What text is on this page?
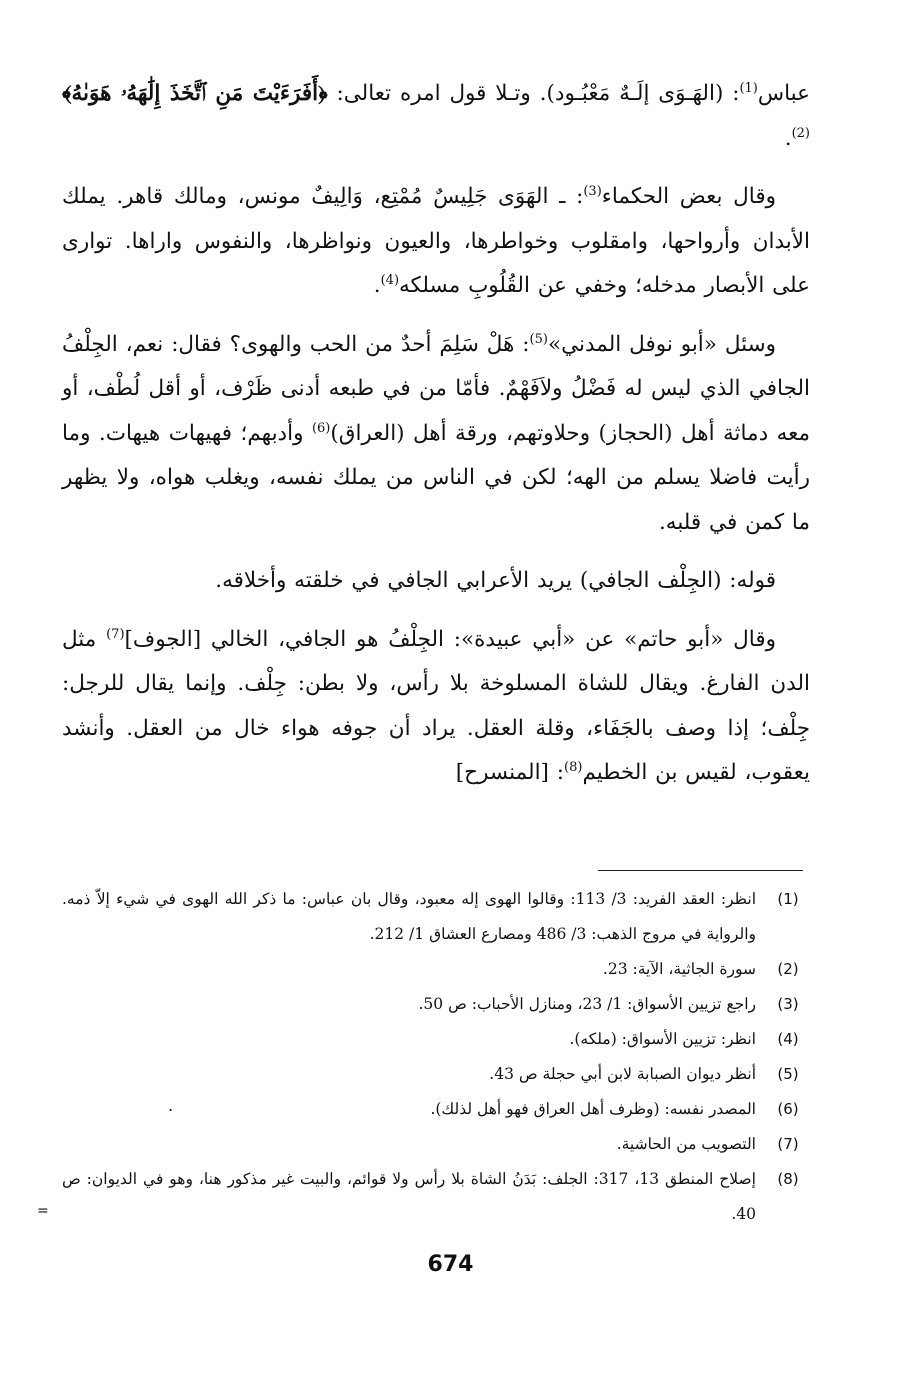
عباس$^{(1)}$: (الهَـوَى إلَـهٌ مَعْبُـود). وتـلا قول امره تعالى: ﴿أَفَرَءَيْتَ مَنِ ٱتَّخَذَ إِلَٰهَهُۥ هَوَىٰهُ﴾$^{(2)}$.

وقال بعض الحكماء$^{(3)}$: ـ الهَوَى جَلِيسٌ مُمْتِع، وَالِيفٌ مونس، ومالك قاهر. يملك الأبدان وأرواحها، وامقلوب وخواطرها، والعيون ونواظرها، والنفوس واراها. توارى على الأبصار مدخله؛ وخفي عن القُلُوبِ مسلكه$^{(4)}$.

وسئل «أبو نوفل المدني»$^{(5)}$: هَلْ سَلِمَ أحدٌ من الحب والهوى؟ فقال: نعم، الجِلْفُ الجافي الذي ليس له فَضْلُ ولاَفَهْمٌ. فأمّا من في طبعه أدنى ظَرْف، أو أقل لُطْف، أو معه دماثة أهل (الحجاز) وحلاوتهم، ورقة أهل (العراق)$^{(6)}$ وأدبهم؛ فهيهات هيهات. وما رأيت فاضلا يسلم من الهه؛ لكن في الناس من يملك نفسه، ويغلب هواه، ولا يظهر ما كمن في قلبه.

قوله: (الجِلْف الجافي) يريد الأعرابي الجافي في خلقته وأخلاقه.

وقال «أبو حاتم» عن «أبي عبيدة»: الجِلْفُ هو الجافي، الخالي [الجوف]$^{(7)}$ مثل الدن الفارغ. ويقال للشاة المسلوخة بلا رأس، ولا بطن: جِلْف. وإنما يقال للرجل: جِلْف؛ إذا وصف بالجَفَاء، وقلة العقل. يراد أن جوفه هواء خال من العقل. وأنشد يعقوب، لقيس بن الخطيم$^{(8)}$: [المنسرح]

(1)
انظر: العقد الفريد: 3/ 113: وقالوا الهوى إله معبود، وقال بان عباس: ما ذكر الله الهوى في شيء إلاّ ذمه. والرواية في مروج الذهب: 3/ 486 ومصارع العشاق 1/ 212.
(2)
سورة الجاثية، الآية: 23.
(3)
راجع تزيين الأسواق: 1/ 23، ومنازل الأحباب: ص 50.
(4)
انظر: تزيين الأسواق: (ملكه).
(5)
أنظر ديوان الصبابة لابن أبي حجلة ص 43.
(6)
المصدر نفسه: (وظرف أهل العراق فهو أهل لذلك).
(7)
التصويب من الحاشية.
(8)
إصلاح المنطق 13، 317: الجلف: بَدَنُ الشاة بلا رأس ولا قوائم، والبيت غير مذكور هنا، وهو في الديوان: ص 40.
.
=
674
